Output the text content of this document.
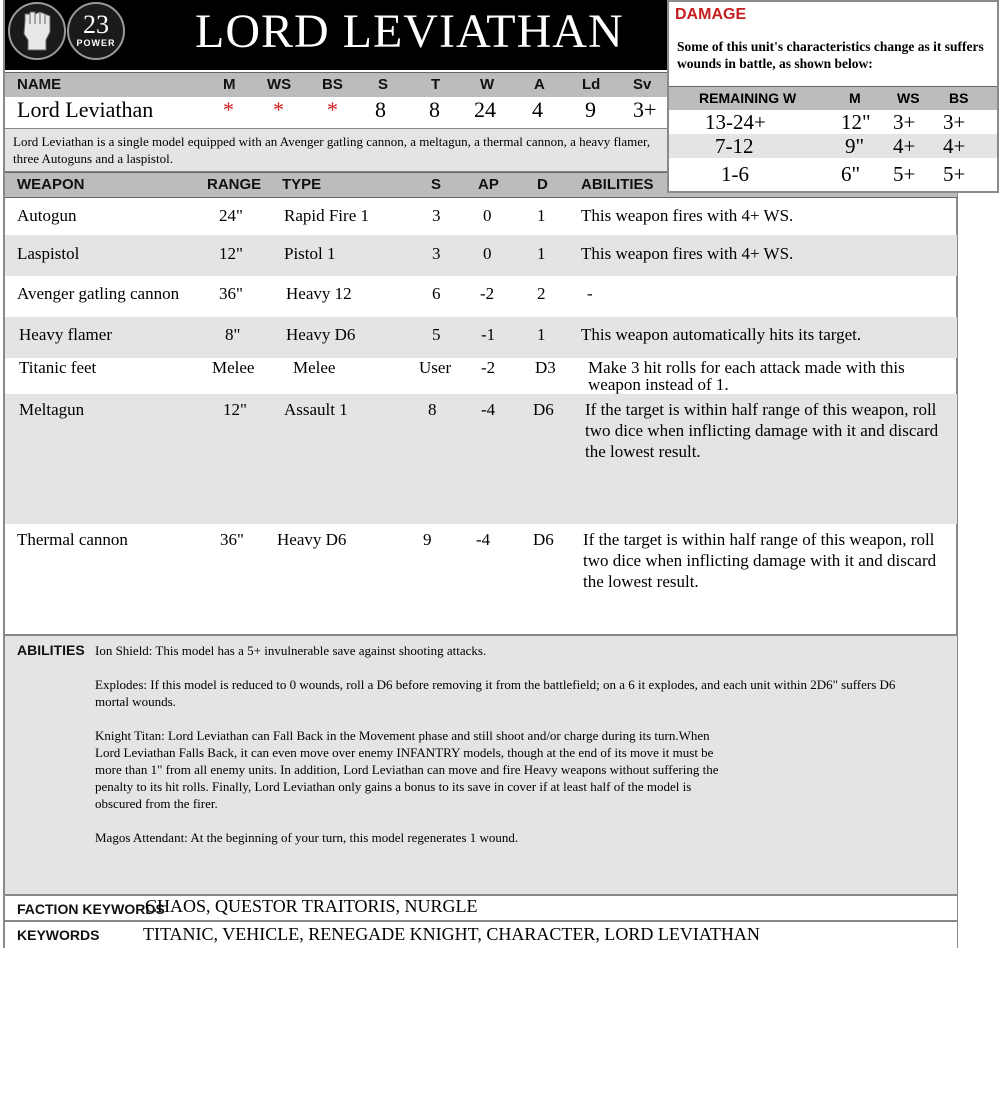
23
POWER LORD LEVIATHAN
NAME	M WS BS S	T	W	A Ld Sv
Lord Leviathan	* * * 8 8 24 4 9 3+
Lord Leviathan is a single model equipped with an Avenger gatling cannon, a meltagun, a thermal cannon, a heavy flamer, three Autoguns and a laspistol.
WEAPON	RANGE TYPE	S AP	D ABILITIES
Autogun	24" Rapid Fire 1	3	0	1 This weapon fires with 4+ WS.
Laspistol	12" Pistol 1	3	0	1 This weapon fires with 4+ WS.
Avenger gatling cannon 36"	Heavy 12	6 -2	2 -
Heavy flamer	8"	Heavy D6	5 -1 1 This weapon automatically hits its target.
Titanic feet	Melee Melee	User -2 D3 Make 3 hit rolls for each attack made with this weapon instead of 1.
Meltagun	12" Assault 1	8	-4 D6 If the target is within half range of this weapon, roll two dice when inflicting damage with it and discard the lowest result.
Thermal cannon	36" Heavy D6	9	-4	D6 If the target is within half range of this weapon, roll two dice when inflicting damage with it and discard the lowest result.
ABILITIES Ion Shield: This model has a 5+ invulnerable save against shooting attacks.

Explodes: If this model is reduced to 0 wounds, roll a D6 before removing it from the battlefield; on a 6 it explodes, and each unit within 2D6" suffers D6 mortal wounds.

Knight Titan: Lord Leviathan can Fall Back in the Movement phase and still shoot and/or charge during its turn.When Lord Leviathan Falls Back, it can even move over enemy INFANTRY models, though at the end of its move it must be more than 1" from all enemy units. In addition, Lord Leviathan can move and fire Heavy weapons without suffering the penalty to its hit rolls. Finally, Lord Leviathan only gains a bonus to its save in cover if at least half of the model is obscured from the firer.

Magos Attendant: At the beginning of your turn, this model regenerates 1 wound.

FACTION KEYWORDS
CHAOS, QUESTOR TRAITORIS, NURGLE
KEYWORDS TITANIC, VEHICLE, RENEGADE KNIGHT, CHARACTER, LORD LEVIATHAN
DAMAGE
Some of this unit's characteristics change as it suffers wounds in battle, as shown below:
REMAINING W	M	WS BS
13-24+	12" 3+ 3+
7-12	9" 4+ 4+
1-6	6" 5+ 5+
